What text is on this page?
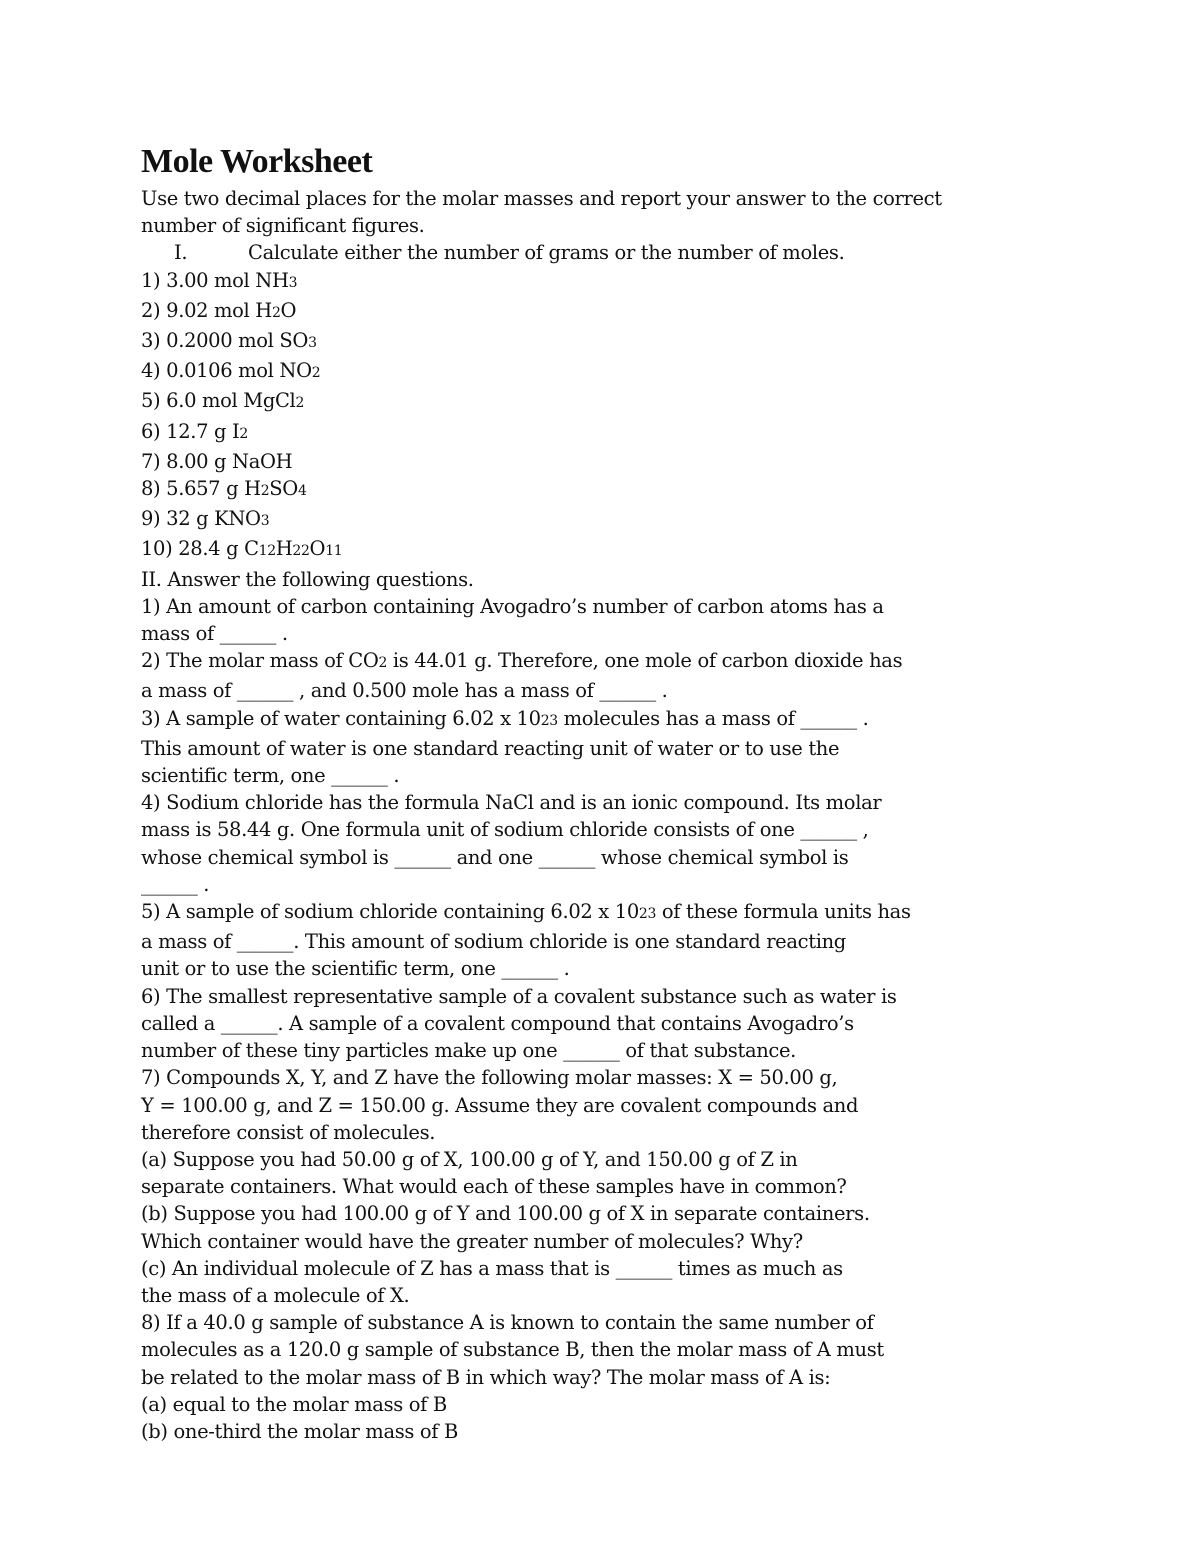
Mole Worksheet

Use two decimal places for the molar masses and report your answer to the correct

number of significant figures.

I.	Calculate either the number of grams or the number of moles.

1) 3.00 mol NH3

2) 9.02 mol H2O

3) 0.2000 mol SO3

4) 0.0106 mol NO2

5) 6.0 mol MgCl2

6) 12.7 g I2

7) 8.00 g NaOH

8) 5.657 g H2SO4

9) 32 g KNO3

10) 28.4 g C12H22O11

II. Answer the following questions.

1) An amount of carbon containing Avogadro’s number of carbon atoms has a

mass of ______ .

2) The molar mass of CO2 is 44.01 g. Therefore, one mole of carbon dioxide has

a mass of ______ , and 0.500 mole has a mass of ______ .

3) A sample of water containing 6.02 x 1023 molecules has a mass of ______ .

This amount of water is one standard reacting unit of water or to use the

scientific term, one ______ .

4) Sodium chloride has the formula NaCl and is an ionic compound. Its molar

mass is 58.44 g. One formula unit of sodium chloride consists of one ______ ,

whose chemical symbol is ______ and one ______ whose chemical symbol is

______ .

5) A sample of sodium chloride containing 6.02 x 1023 of these formula units has

a mass of ______. This amount of sodium chloride is one standard reacting

unit or to use the scientific term, one ______ .

6) The smallest representative sample of a covalent substance such as water is

called a ______. A sample of a covalent compound that contains Avogadro’s

number of these tiny particles make up one ______ of that substance.

7) Compounds X, Y, and Z have the following molar masses: X = 50.00 g,

Y = 100.00 g, and Z = 150.00 g. Assume they are covalent compounds and

therefore consist of molecules.

(a) Suppose you had 50.00 g of X, 100.00 g of Y, and 150.00 g of Z in

separate containers. What would each of these samples have in common?

(b) Suppose you had 100.00 g of Y and 100.00 g of X in separate containers.

Which container would have the greater number of molecules? Why?

(c) An individual molecule of Z has a mass that is ______ times as much as

the mass of a molecule of X.

8) If a 40.0 g sample of substance A is known to contain the same number of

molecules as a 120.0 g sample of substance B, then the molar mass of A must

be related to the molar mass of B in which way? The molar mass of A is:

(a) equal to the molar mass of B

(b) one-third the molar mass of B
